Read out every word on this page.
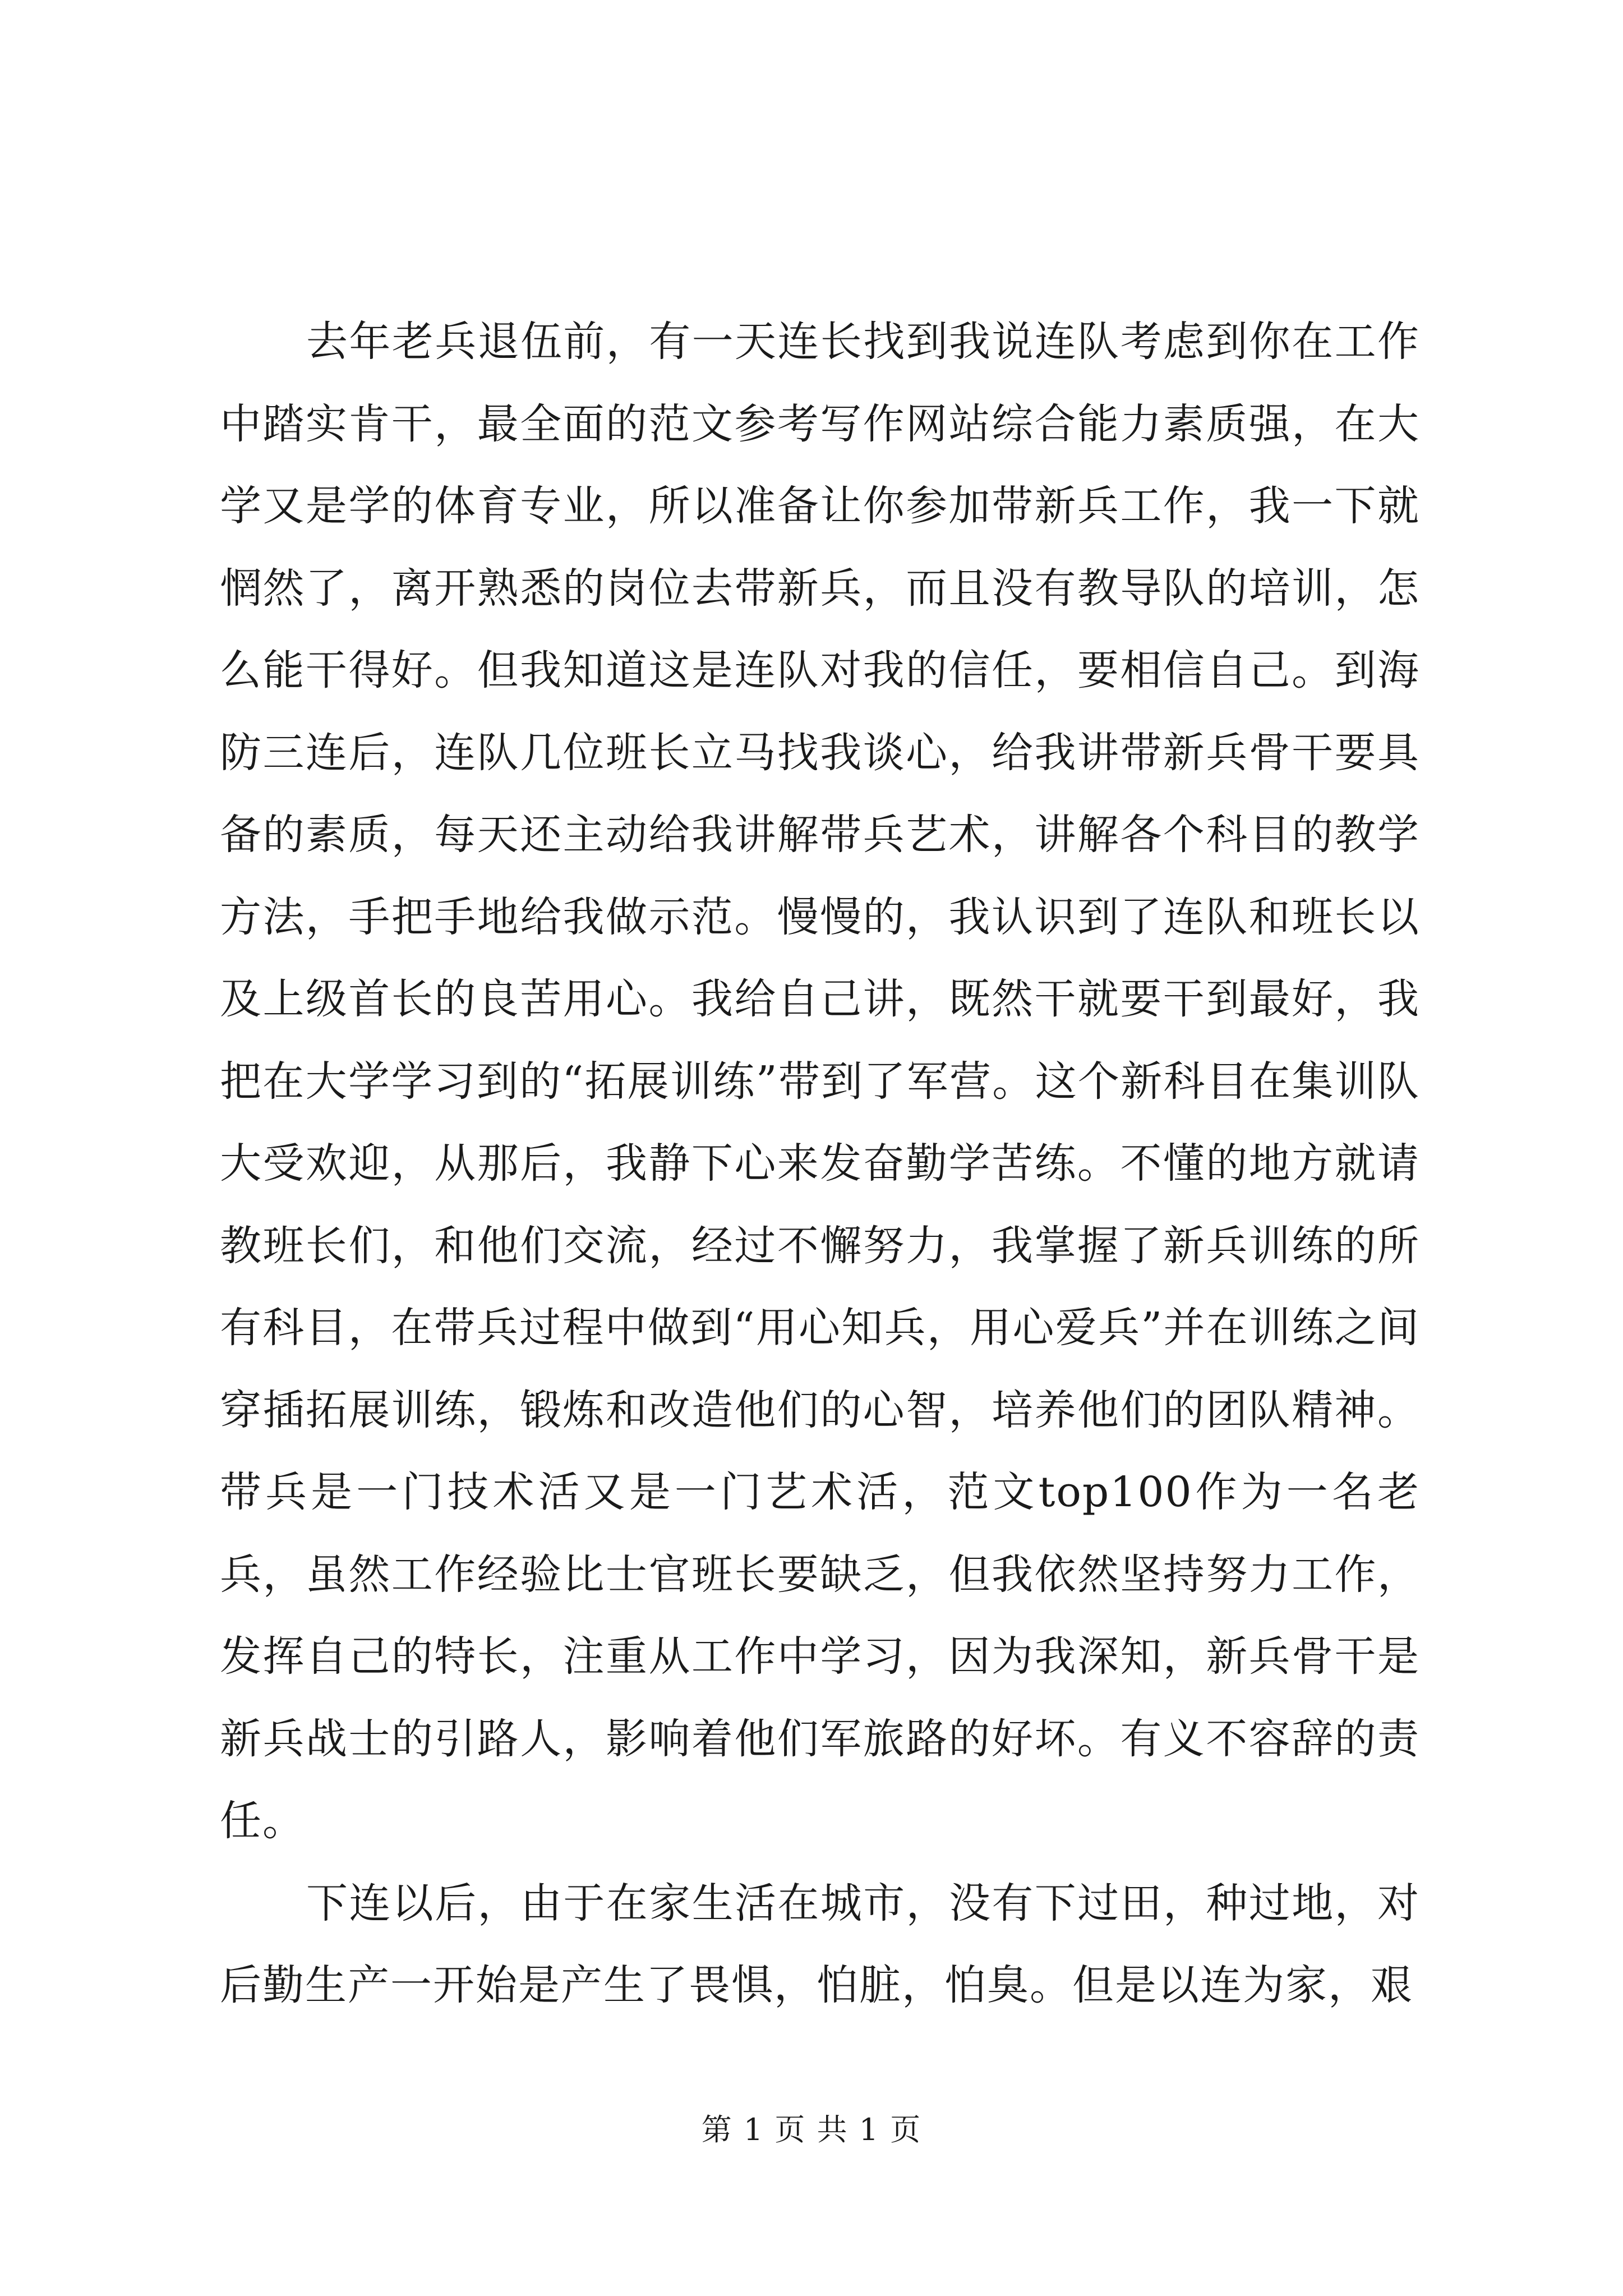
去年老兵退伍前，有一天连长找到我说连队考虑到你在工作中踏实肯干，最全面的范文参考写作网站综合能力素质强，在大学又是学的体育专业，所以准备让你参加带新兵工作，我一下就惘然了，离开熟悉的岗位去带新兵，而且没有教导队的培训，怎么能干得好。但我知道这是连队对我的信任，要相信自己。到海防三连后，连队几位班长立马找我谈心，给我讲带新兵骨干要具备的素质，每天还主动给我讲解带兵艺术，讲解各个科目的教学方法，手把手地给我做示范。慢慢的，我认识到了连队和班长以及上级首长的良苦用心。我给自己讲，既然干就要干到最好，我把在大学学习到的“拓展训练”带到了军营。这个新科目在集训队大受欢迎，从那后，我静下心来发奋勤学苦练。不懂的地方就请教班长们，和他们交流，经过不懈努力，我掌握了新兵训练的所有科目，在带兵过程中做到“用心知兵，用心爱兵”并在训练之间穿插拓展训练，锻炼和改造他们的心智，培养他们的团队精神。带兵是一门技术活又是一门艺术活，范文top100作为一名老兵，虽然工作经验比士官班长要缺乏，但我依然坚持努力工作，发挥自己的特长，注重从工作中学习，因为我深知，新兵骨干是新兵战士的引路人，影响着他们军旅路的好坏。有义不容辞的责任。

下连以后，由于在家生活在城市，没有下过田，种过地，对后勤生产一开始是产生了畏惧，怕脏，怕臭。但是以连为家，艰

第 1 页 共 1 页
